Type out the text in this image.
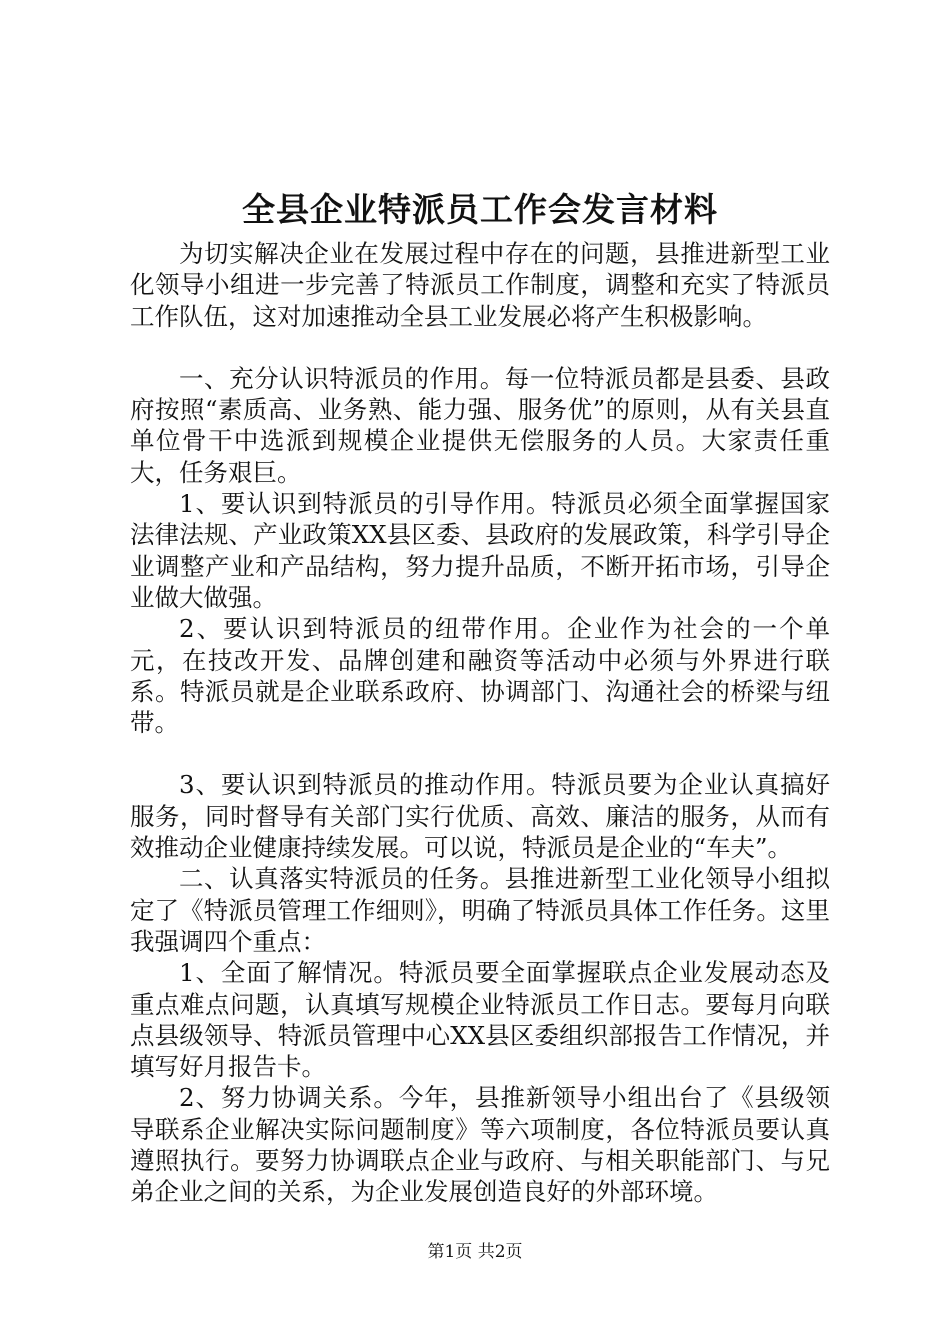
全县企业特派员工作会发言材料

为切实解决企业在发展过程中存在的问题，县推进新型工业化领导小组进一步完善了特派员工作制度，调整和充实了特派员工作队伍，这对加速推动全县工业发展必将产生积极影响。

一、充分认识特派员的作用。每一位特派员都是县委、县政府按照“素质高、业务熟、能力强、服务优”的原则，从有关县直单位骨干中选派到规模企业提供无偿服务的人员。大家责任重大，任务艰巨。

1、要认识到特派员的引导作用。特派员必须全面掌握国家法律法规、产业政策XX县区委、县政府的发展政策，科学引导企业调整产业和产品结构，努力提升品质，不断开拓市场，引导企业做大做强。

2、要认识到特派员的纽带作用。企业作为社会的一个单元，在技改开发、品牌创建和融资等活动中必须与外界进行联系。特派员就是企业联系政府、协调部门、沟通社会的桥梁与纽带。

3、要认识到特派员的推动作用。特派员要为企业认真搞好服务，同时督导有关部门实行优质、高效、廉洁的服务，从而有效推动企业健康持续发展。可以说，特派员是企业的“车夫”。

二、认真落实特派员的任务。县推进新型工业化领导小组拟定了《特派员管理工作细则》，明确了特派员具体工作任务。这里我强调四个重点：

1、全面了解情况。特派员要全面掌握联点企业发展动态及重点难点问题，认真填写规模企业特派员工作日志。要每月向联点县级领导、特派员管理中心XX县区委组织部报告工作情况，并填写好月报告卡。

2、努力协调关系。今年，县推新领导小组出台了《县级领导联系企业解决实际问题制度》等六项制度，各位特派员要认真遵照执行。要努力协调联点企业与政府、与相关职能部门、与兄弟企业之间的关系，为企业发展创造良好的外部环境。

第1页 共2页
